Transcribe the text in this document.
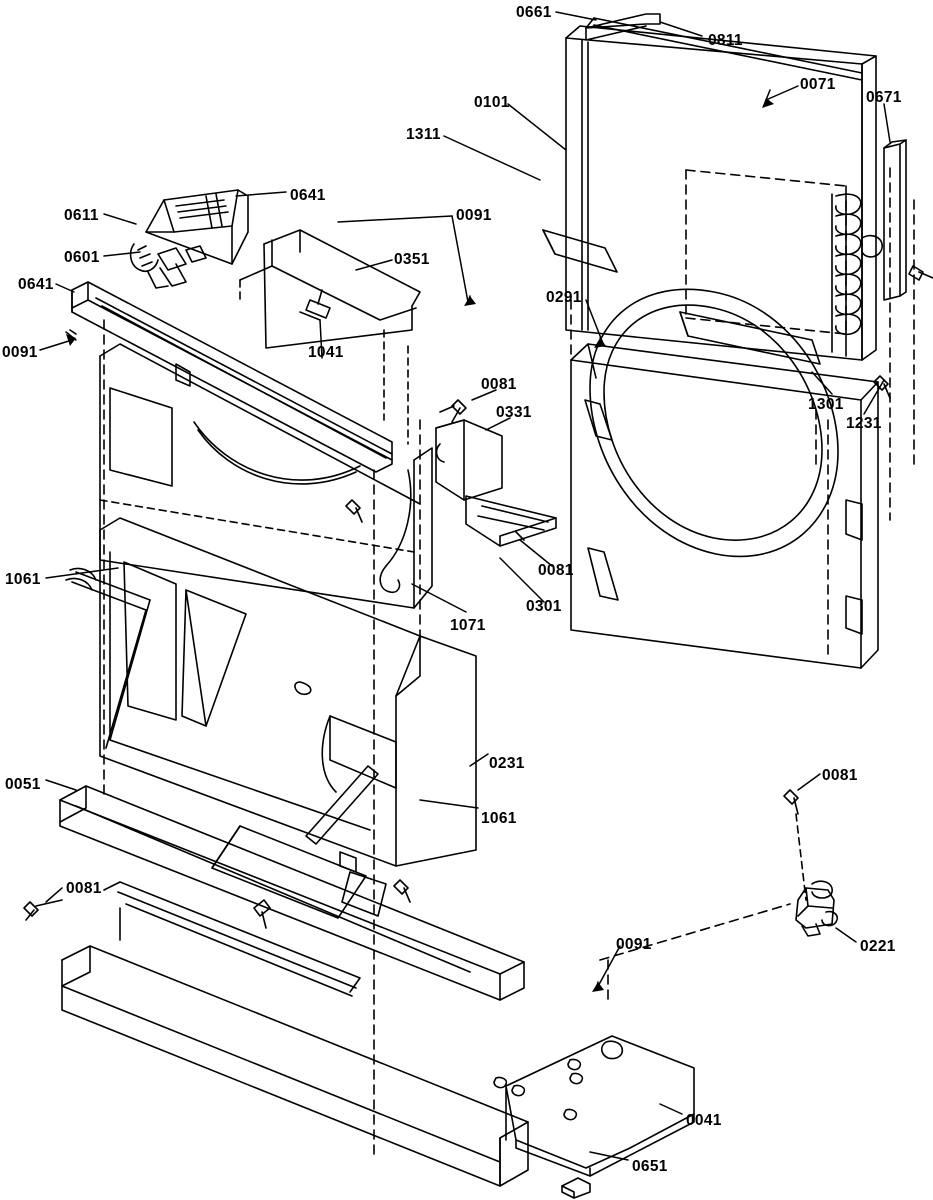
0661
0811
0071
0671
0101
1311
0641
0611	0091
0601	0351
0641
0291
1041
0091
0081
1301
0331
1231
0081
1061
0301
1071
0231
0081
0051
1061
0081
0091	0221
0041
0651
